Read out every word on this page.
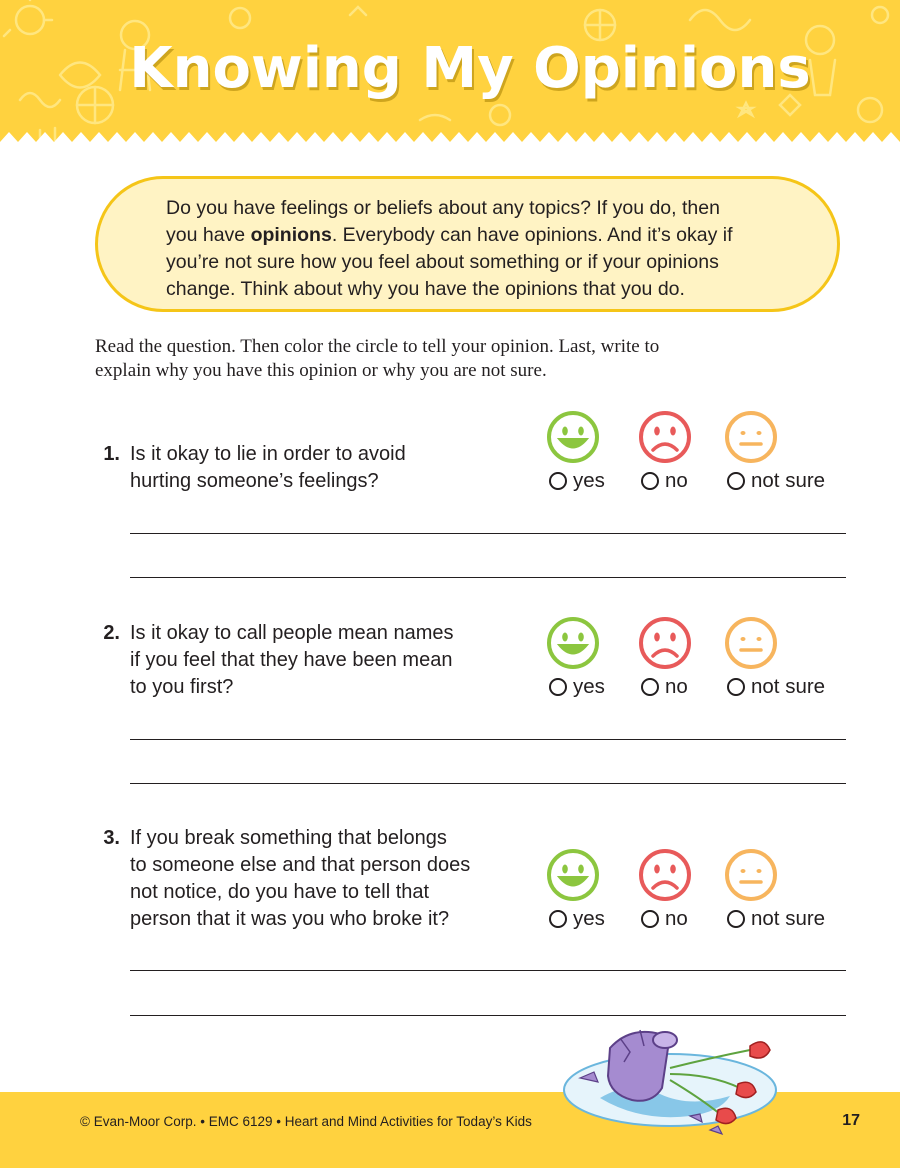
Knowing My Opinions
Do you have feelings or beliefs about any topics? If you do, then
you have opinions. Everybody can have opinions. And it’s okay if
you’re not sure how you feel about something or if your opinions
change. Think about why you have the opinions that you do.
Read the question. Then color the circle to tell your opinion. Last, write to
explain why you have this opinion or why you are not sure.
1. Is it okay to lie in order to avoid
hurting someone’s feelings?
2. Is it okay to call people mean names
if you feel that they have been mean
to you first?
3. If you break something that belongs
to someone else and that person does
not notice, do you have to tell that
person that it was you who broke it?
yes	no	not sure
yes	no	not sure
yes	no	not sure
© Evan-Moor Corp. • EMC 6129 • Heart and Mind Activities for Today’s Kids	17
